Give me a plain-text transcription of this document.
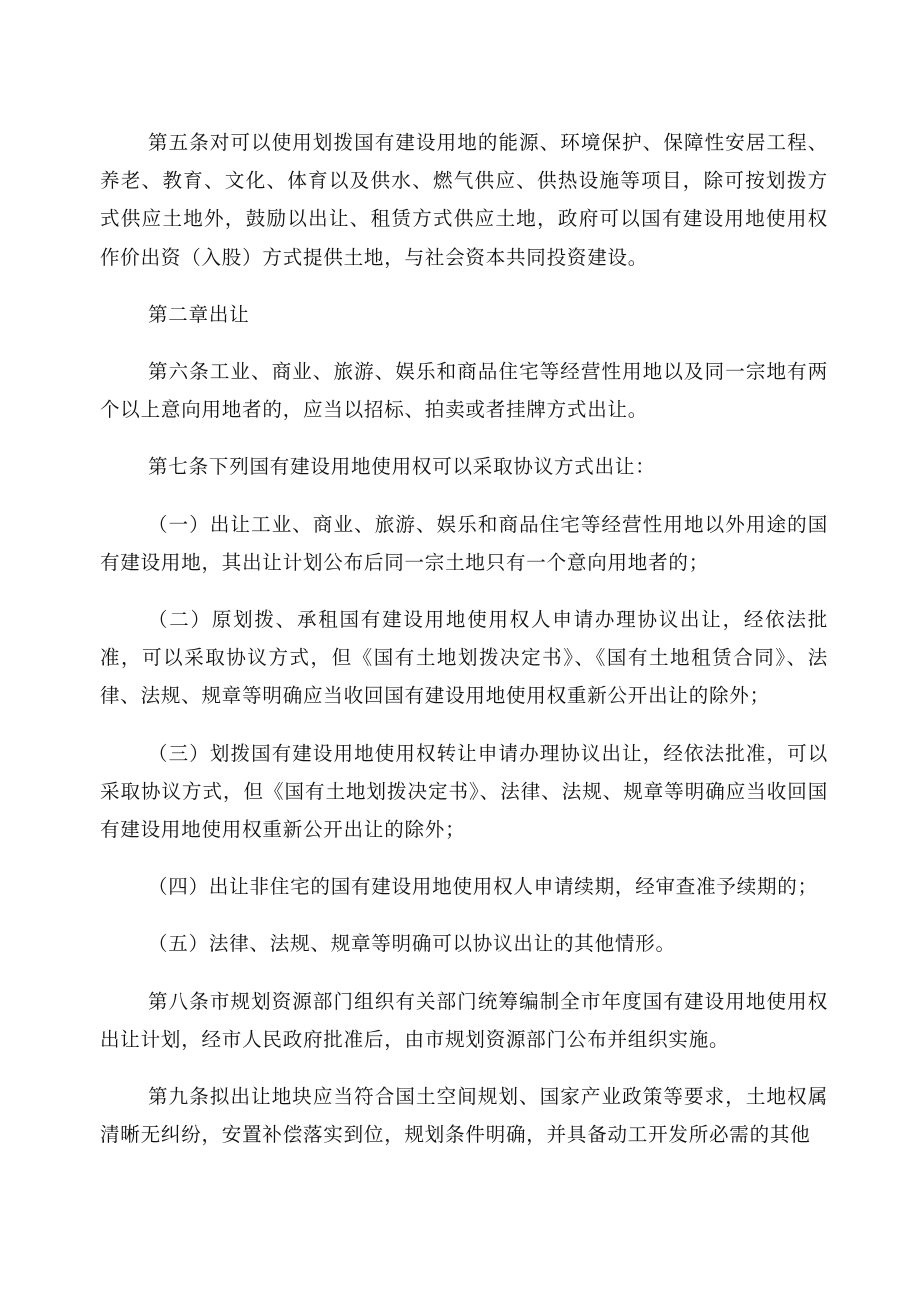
第五条对可以使用划拨国有建设用地的能源、环境保护、保障性安居工程、养老、教育、文化、体育以及供水、燃气供应、供热设施等项目，除可按划拨方式供应土地外，鼓励以出让、租赁方式供应土地，政府可以国有建设用地使用权作价出资（入股）方式提供土地，与社会资本共同投资建设。

第二章出让

第六条工业、商业、旅游、娱乐和商品住宅等经营性用地以及同一宗地有两个以上意向用地者的，应当以招标、拍卖或者挂牌方式出让。

第七条下列国有建设用地使用权可以采取协议方式出让：

（一）出让工业、商业、旅游、娱乐和商品住宅等经营性用地以外用途的国有建设用地，其出让计划公布后同一宗土地只有一个意向用地者的；

（二）原划拨、承租国有建设用地使用权人申请办理协议出让，经依法批准，可以采取协议方式，但《国有土地划拨决定书》、《国有土地租赁合同》、法律、法规、规章等明确应当收回国有建设用地使用权重新公开出让的除外；

（三）划拨国有建设用地使用权转让申请办理协议出让，经依法批准，可以采取协议方式，但《国有土地划拨决定书》、法律、法规、规章等明确应当收回国有建设用地使用权重新公开出让的除外；

（四）出让非住宅的国有建设用地使用权人申请续期，经审查准予续期的；

（五）法律、法规、规章等明确可以协议出让的其他情形。

第八条市规划资源部门组织有关部门统筹编制全市年度国有建设用地使用权出让计划，经市人民政府批准后，由市规划资源部门公布并组织实施。

第九条拟出让地块应当符合国土空间规划、国家产业政策等要求，土地权属清晰无纠纷，安置补偿落实到位，规划条件明确，并具备动工开发所必需的其他
